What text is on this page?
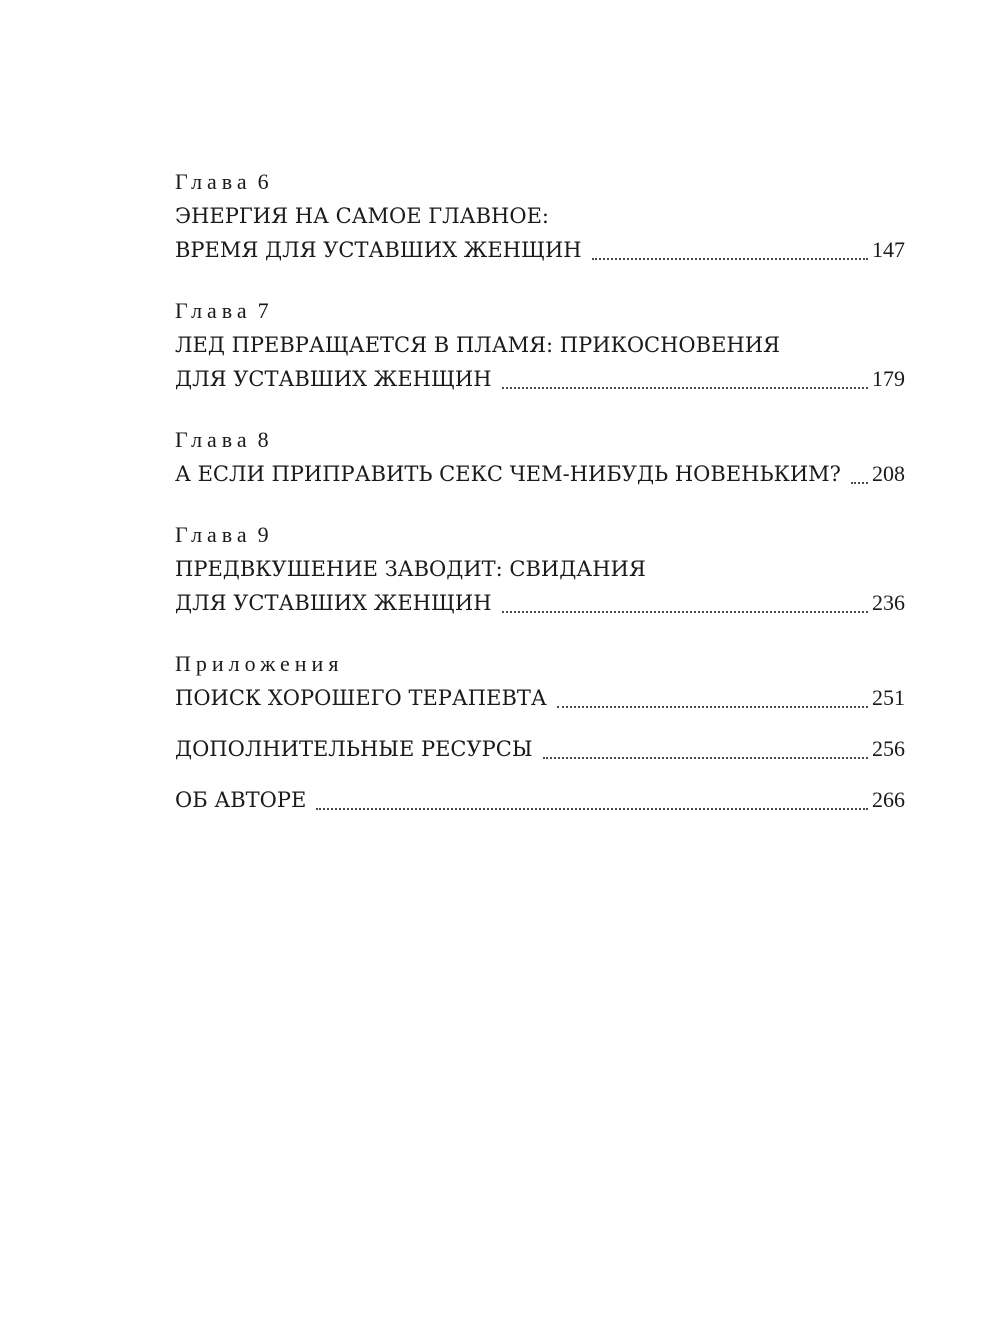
Глава 6
ЭНЕРГИЯ НА САМОЕ ГЛАВНОЕ:
ВРЕМЯ ДЛЯ УСТАВШИХ ЖЕНЩИН	147
Глава 7
ЛЕД ПРЕВРАЩАЕТСЯ В ПЛАМЯ: ПРИКОСНОВЕНИЯ
ДЛЯ УСТАВШИХ ЖЕНЩИН	179
Глава 8
А ЕСЛИ ПРИПРАВИТЬ СЕКС ЧЕМ-НИБУДЬ НОВЕНЬКИМ?	208
Глава 9
ПРЕДВКУШЕНИЕ ЗАВОДИТ: СВИДАНИЯ
ДЛЯ УСТАВШИХ ЖЕНЩИН	236
Приложения
ПОИСК ХОРОШЕГО ТЕРАПЕВТА	251
ДОПОЛНИТЕЛЬНЫЕ РЕСУРСЫ	256
ОБ АВТОРЕ	266
